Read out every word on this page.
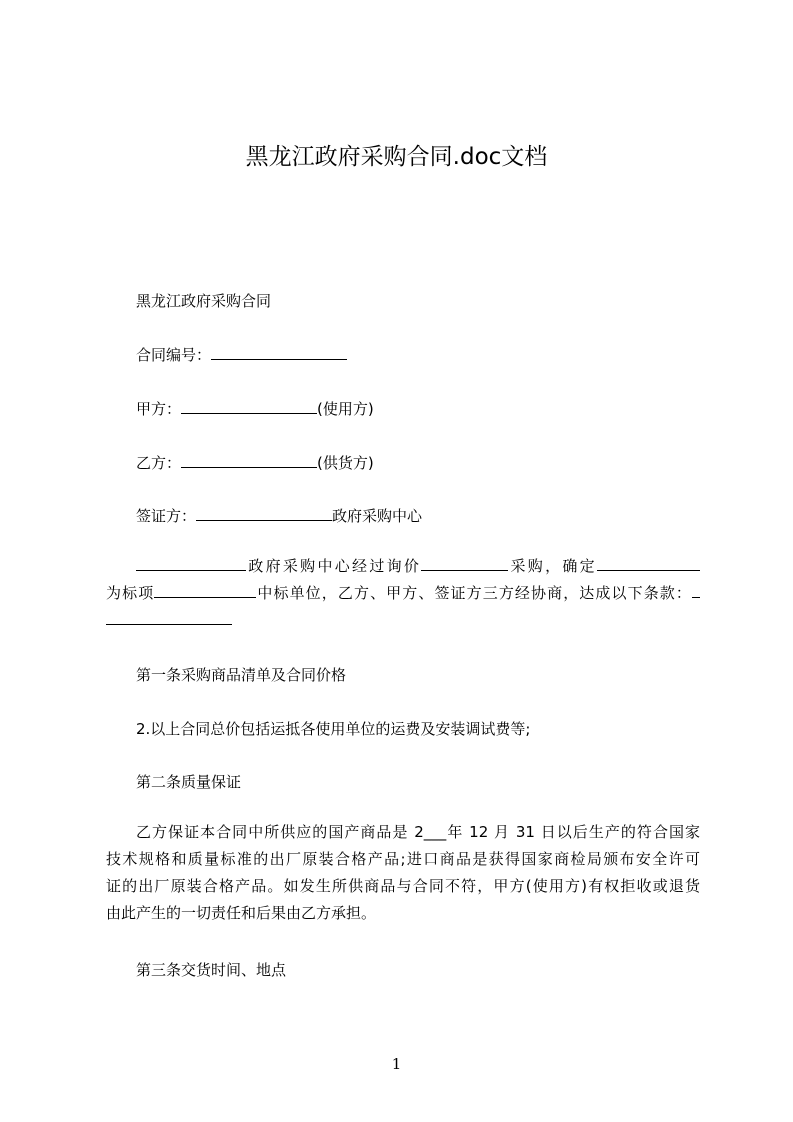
黑龙江政府采购合同.doc文档
黑龙江政府采购合同
合同编号：
甲方：	(使用方)
乙方：	(供货方)
签证方：	政府采购中心
政府采购中心经过询价	采购，确定
为标项	中标单位，乙方、甲方、签证方三方经协商，达成以下条款：
第一条采购商品清单及合同价格
2.以上合同总价包括运抵各使用单位的运费及安装调试费等;
第二条质量保证
乙方保证本合同中所供应的国产商品是 2___年 12 月 31 日以后生产的符合国家
技术规格和质量标准的出厂原装合格产品;进口商品是获得国家商检局颁布安全许可
证的出厂原装合格产品。如发生所供商品与合同不符，甲方(使用方)有权拒收或退货
由此产生的一切责任和后果由乙方承担。
第三条交货时间、地点
1
